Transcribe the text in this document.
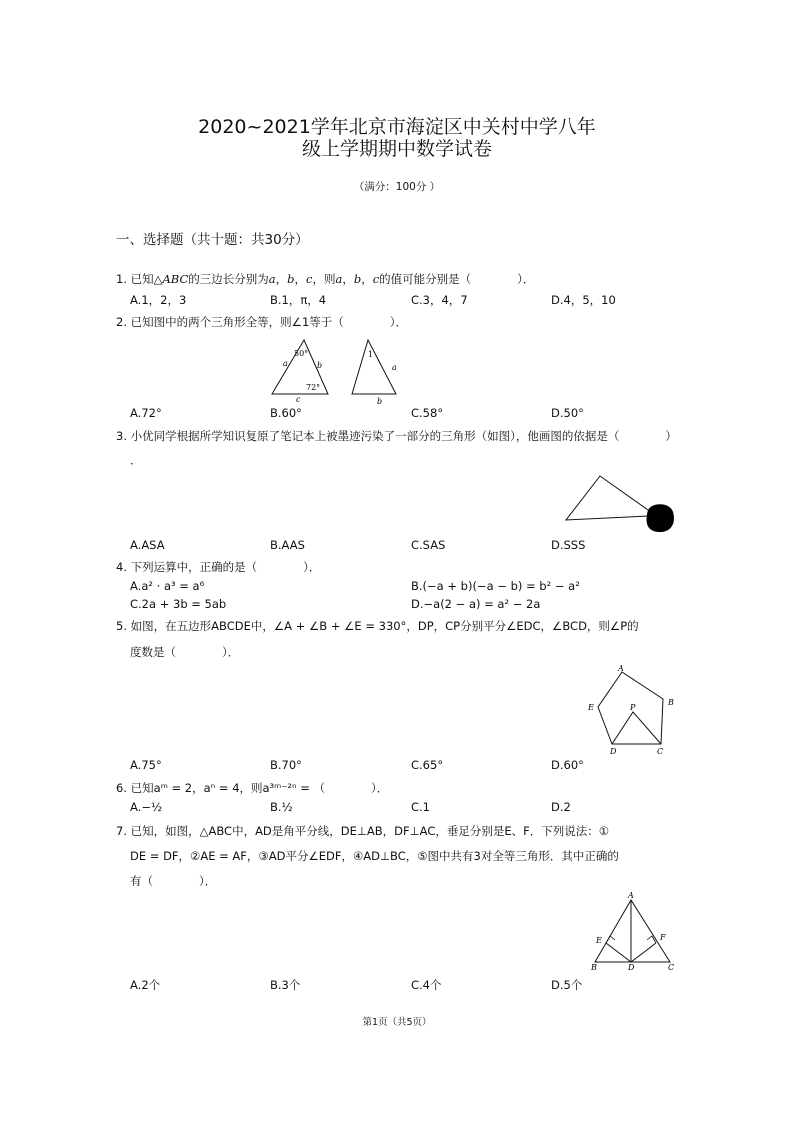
2020~2021学年北京市海淀区中关村中学八年
级上学期期中数学试卷
（满分：100分 ）
一、选择题（共十题：共30分）
1. 已知△ABC的三边长分别为a，b，c，则a，b，c的值可能分别是（　　　　）．
A.1，2，3	B.1，π，4	C.3，4，7	D.4，5，10
2. 已知图中的两个三角形全等，则∠1等于（　　　　）．
50°
72°
a	b
c
1
a
b
A.72°	B.60°	C.58°	D.50°
3. 小优同学根据所学知识复原了笔记本上被墨迹污染了一部分的三角形（如图），他画图的依据是（　　　　）
．
A.ASA	B.AAS	C.SAS	D.SSS
4. 下列运算中，正确的是（　　　　）．
A.a² · a³ = a⁶	B.(−a + b)(−a − b) = b² − a²
C.2a + 3b = 5ab	D.−a(2 − a) = a² − 2a
5. 如图，在五边形ABCDE中，∠A + ∠B + ∠E = 330°，DP，CP分别平分∠EDC，∠BCD，则∠P的
度数是（　　　　）．
A
B
C
D
E	P
A.75°	B.70°	C.65°	D.60°
6. 已知aᵐ = 2，aⁿ = 4，则a³ᵐ⁻²ⁿ = （　　　　）．
A.−½	B.½	C.1	D.2
7. 已知，如图，△ABC中，AD是角平分线，DE⊥AB，DF⊥AC，垂足分别是E、F．下列说法：①
DE = DF，②AE = AF，③AD平分∠EDF，④AD⊥BC，⑤图中共有3对全等三角形．其中正确的
有（　　　　）．
A
B	C
D
E	F
A.2个	B.3个	C.4个	D.5个
第1页（共5页）
